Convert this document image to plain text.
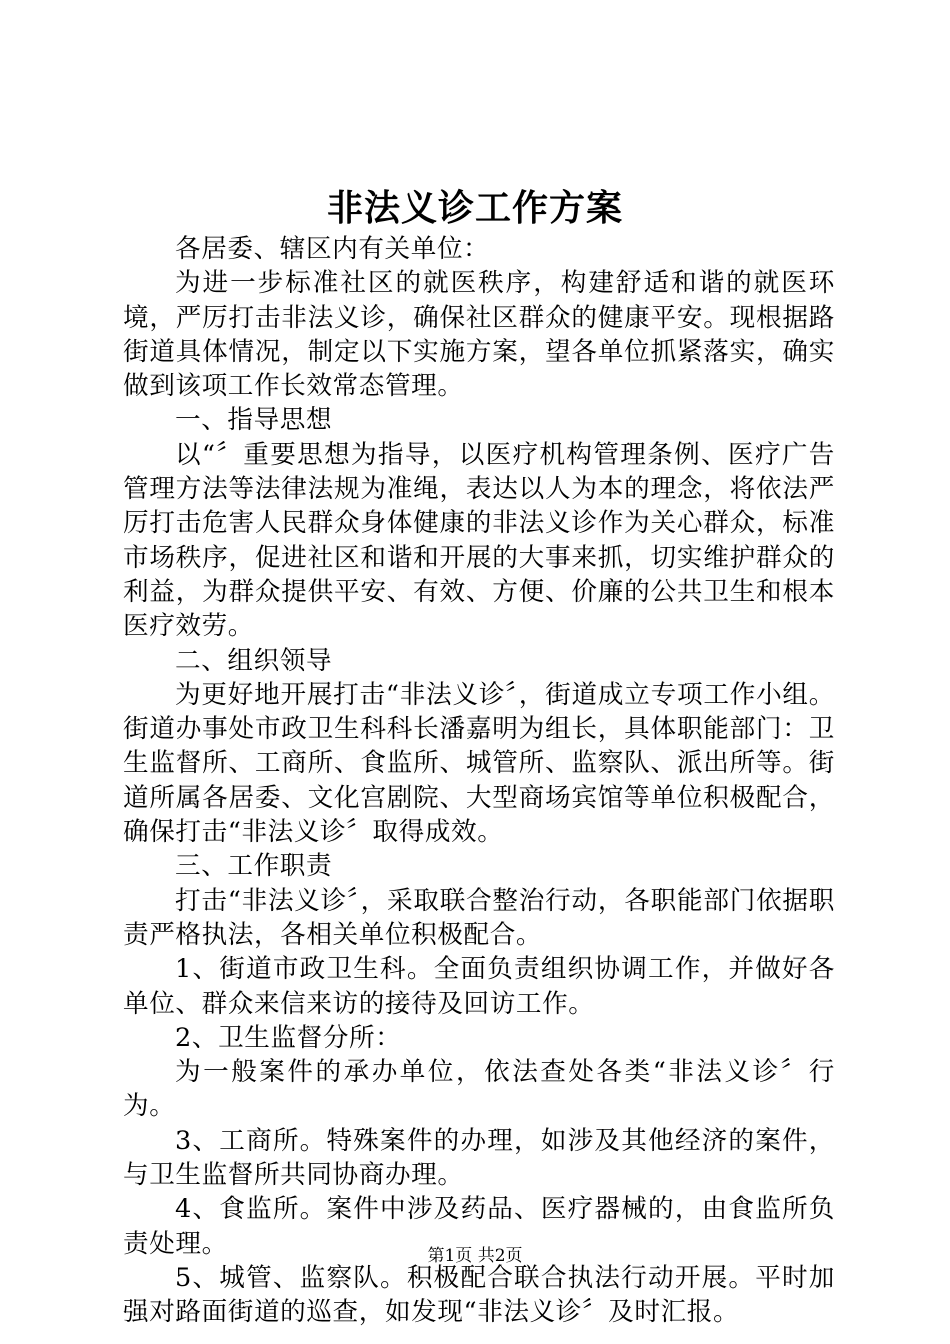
非法义诊工作方案

各居委、辖区内有关单位：

为进一步标准社区的就医秩序，构建舒适和谐的就医环境，严厉打击非法义诊，确保社区群众的健康平安。现根据路街道具体情况，制定以下实施方案，望各单位抓紧落实，确实做到该项工作长效常态管理。

一、指导思想

以“〞重要思想为指导，以医疗机构管理条例、医疗广告管理方法等法律法规为准绳，表达以人为本的理念，将依法严厉打击危害人民群众身体健康的非法义诊作为关心群众，标准市场秩序，促进社区和谐和开展的大事来抓，切实维护群众的利益，为群众提供平安、有效、方便、价廉的公共卫生和根本医疗效劳。

二、组织领导

为更好地开展打击“非法义诊〞，街道成立专项工作小组。街道办事处市政卫生科科长潘嘉明为组长，具体职能部门：卫生监督所、工商所、食监所、城管所、监察队、派出所等。街道所属各居委、文化宫剧院、大型商场宾馆等单位积极配合，确保打击“非法义诊〞取得成效。

三、工作职责

打击“非法义诊〞，采取联合整治行动，各职能部门依据职责严格执法，各相关单位积极配合。

1、街道市政卫生科。全面负责组织协调工作，并做好各单位、群众来信来访的接待及回访工作。

2、卫生监督分所：

为一般案件的承办单位，依法查处各类“非法义诊〞行为。

3、工商所。特殊案件的办理，如涉及其他经济的案件，与卫生监督所共同协商办理。

4、食监所。案件中涉及药品、医疗器械的，由食监所负责处理。

5、城管、监察队。积极配合联合执法行动开展。平时加强对路面街道的巡查，如发现“非法义诊〞及时汇报。

第1页 共2页
